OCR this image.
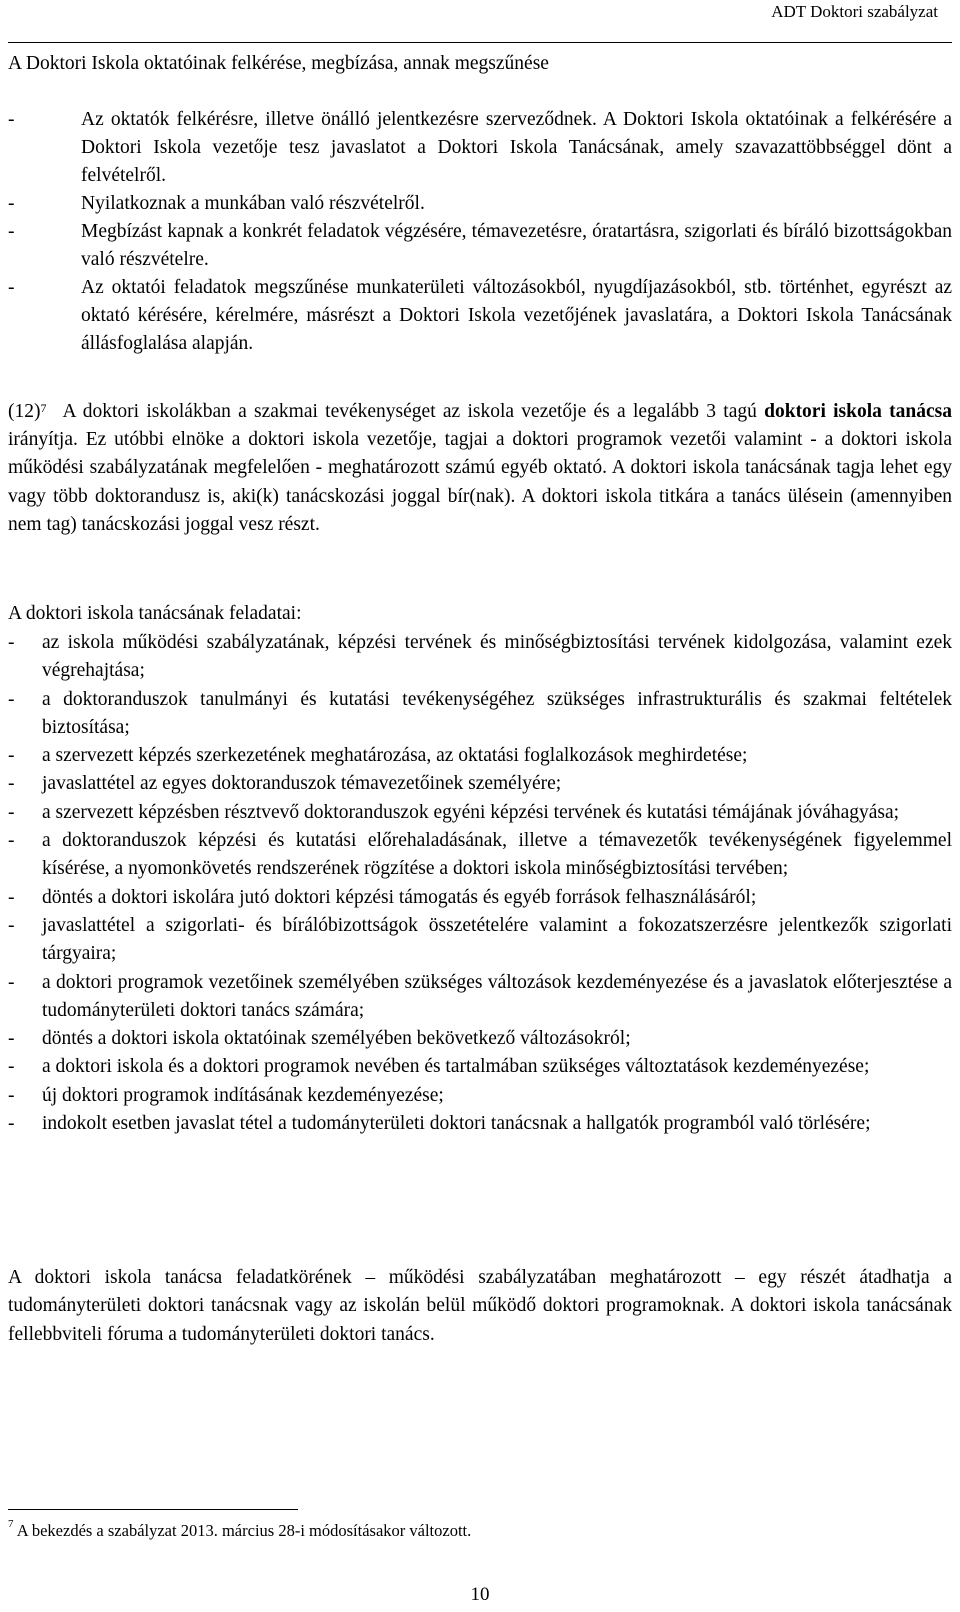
ADT Doktori szabályzat
A Doktori Iskola oktatóinak felkérése, megbízása, annak megszűnése
-	Az oktatók felkérésre, illetve önálló jelentkezésre szerveződnek. A Doktori Iskola oktatóinak a felkérésére a Doktori Iskola vezetője tesz javaslatot a Doktori Iskola Tanácsának, amely szavazattöbbséggel dönt a felvételről.
-	Nyilatkoznak a munkában való részvételről.
-	Megbízást kapnak a konkrét feladatok végzésére, témavezetésre, óratartásra, szigorlati és bíráló bizottságokban való részvételre.
-	Az oktatói feladatok megszűnése munkaterületi változásokból, nyugdíjazásokból, stb. történhet, egyrészt az oktató kérésére, kérelmére, másrészt a Doktori Iskola vezetőjének javaslatára, a Doktori Iskola Tanácsának állásfoglalása alapján.
$(12)^7$ A doktori iskolákban a szakmai tevékenységet az iskola vezetője és a legalább 3 tagú doktori iskola tanácsa irányítja. Ez utóbbi elnöke a doktori iskola vezetője, tagjai a doktori programok vezetői valamint - a doktori iskola működési szabályzatának megfelelően - meghatározott számú egyéb oktató. A doktori iskola tanácsának tagja lehet egy vagy több doktorandusz is, aki(k) tanácskozási joggal bír(nak). A doktori iskola titkára a tanács ülésein (amennyiben nem tag) tanácskozási joggal vesz részt.
A doktori iskola tanácsának feladatai:
- az iskola működési szabályzatának, képzési tervének és minőségbiztosítási tervének kidolgozása, valamint ezek végrehajtása;
- a doktoranduszok tanulmányi és kutatási tevékenységéhez szükséges infrastrukturális és szakmai feltételek biztosítása;
- a szervezett képzés szerkezetének meghatározása, az oktatási foglalkozások meghirdetése;
- javaslattétel az egyes doktoranduszok témavezetőinek személyére;
- a szervezett képzésben résztvevő doktoranduszok egyéni képzési tervének és kutatási témájának jóváhagyása;
- a doktoranduszok képzési és kutatási előrehaladásának, illetve a témavezetők tevékenységének figyelemmel kísérése, a nyomonkövetés rendszerének rögzítése a doktori iskola minőségbiztosítási tervében;
- döntés a doktori iskolára jutó doktori képzési támogatás és egyéb források felhasználásáról;
- javaslattétel a szigorlati- és bírálóbizottságok összetételére valamint a fokozatszerzésre jelentkezők szigorlati tárgyaira;
- a doktori programok vezetőinek személyében szükséges változások kezdeményezése és a javaslatok előterjesztése a tudományterületi doktori tanács számára;
- döntés a doktori iskola oktatóinak személyében bekövetkező változásokról;
- a doktori iskola és a doktori programok nevében és tartalmában szükséges változtatások kezdeményezése;
- új doktori programok indításának kezdeményezése;
- indokolt esetben javaslat tétel a tudományterületi doktori tanácsnak a hallgatók programból való törlésére;
A doktori iskola tanácsa feladatkörének – működési szabályzatában meghatározott – egy részét átadhatja a tudományterületi doktori tanácsnak vagy az iskolán belül működő doktori programoknak. A doktori iskola tanácsának fellebbviteli fóruma a tudományterületi doktori tanács.
$^7$ A bekezdés a szabályzat 2013. március 28-i módosításakor változott.
10
